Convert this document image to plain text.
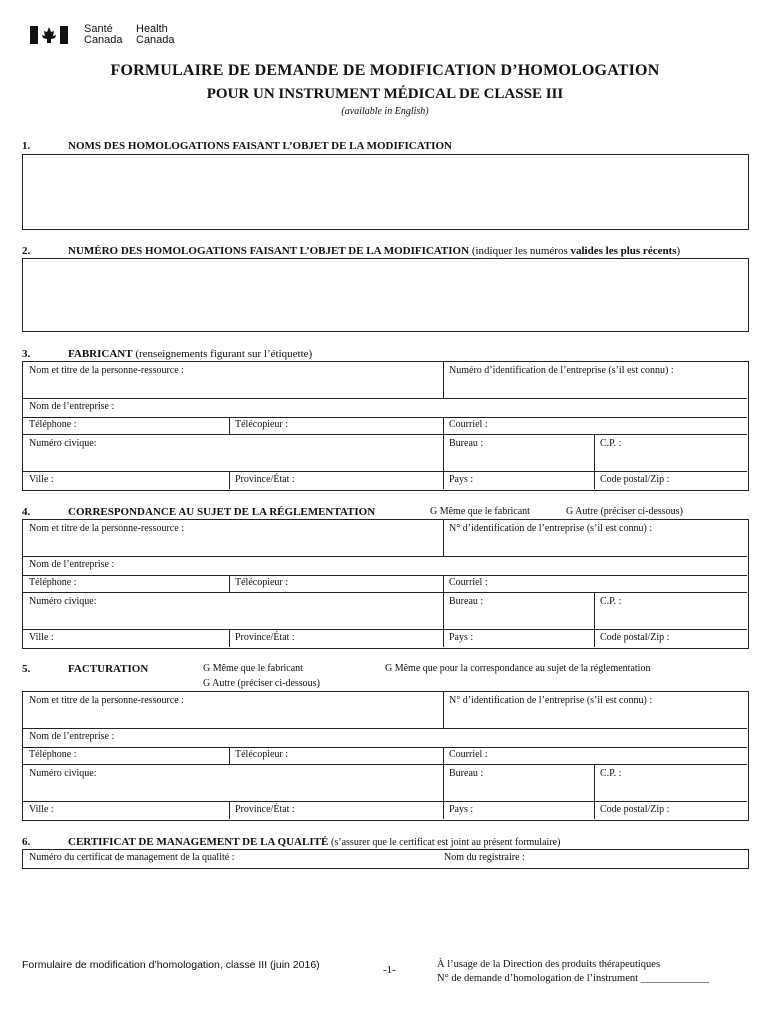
Santé
Canada
Health
Canada
FORMULAIRE DE DEMANDE DE MODIFICATION D’HOMOLOGATION
POUR UN INSTRUMENT MÉDICAL DE CLASSE III
(available in English)
1.	NOMS DES HOMOLOGATIONS FAISANT L’OBJET DE LA MODIFICATION
2.	NUMÉRO DES HOMOLOGATIONS FAISANT L’OBJET DE LA MODIFICATION (indiquer les numéros valides les plus récents)
3.	FABRICANT (renseignements figurant sur l’étiquette)
Nom et titre de la personne-ressource :	Numéro d’identification de l’entreprise (s’il est connu) :
Nom de l’entreprise :
Téléphone :	Télécopieur :	Courriel :
Numéro civique:	Bureau :	C.P. :
Ville :	Province/État :	Pays :	Code postal/Zip :
4.	CORRESPONDANCE AU SUJET DE LA RÉGLEMENTATION	G Même que le fabricant	G Autre (préciser ci-dessous)
Nom et titre de la personne-ressource :	N° d’identification de l’entreprise (s’il est connu) :
Nom de l’entreprise :
Téléphone :	Télécopieur :	Courriel :
Numéro civique:	Bureau :	C.P. :
Ville :	Province/État :	Pays :	Code postal/Zip :
5.	FACTURATION	G Même que le fabricant	G Même que pour la correspondance au sujet de la réglementation
G Autre (préciser ci-dessous)
Nom et titre de la personne-ressource :	N° d’identification de l’entreprise (s’il est connu) :
Nom de l’entreprise :
Téléphone :	Télécopieur :	Courriel :
Numéro civique:	Bureau :	C.P. :
Ville :	Province/État :	Pays :	Code postal/Zip :
6.	CERTIFICAT DE MANAGEMENT DE LA QUALITÉ (s’assurer que le certificat est joint au présent formulaire)
Numéro du certificat de management de la qualité :	Nom du registraire :
Formulaire de modification d’homologation, classe III (juin 2016)	-1-	À l’usage de la Direction des produits thérapeutiques
N° de demande d’homologation de l’instrument _____________
